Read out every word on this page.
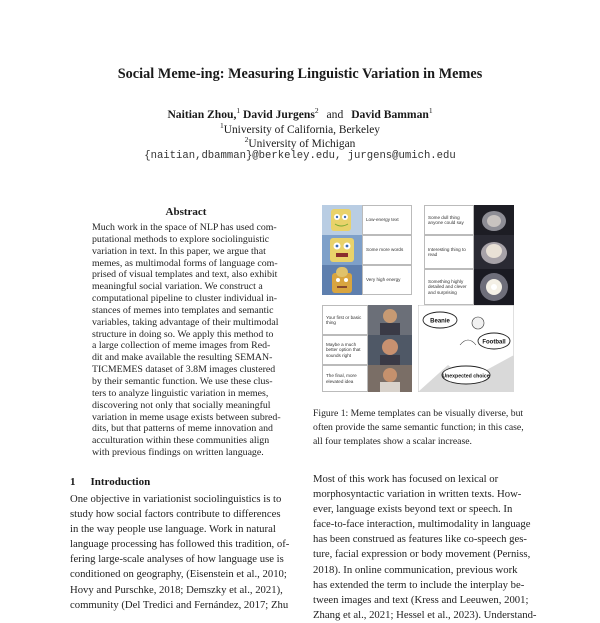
Social Meme-ing: Measuring Linguistic Variation in Memes
Naitian Zhou,$^1$ David Jurgens$^2$ and David Bamman$^1$
$^1$University of California, Berkeley
$^2$University of Michigan
{naitian,dbamman}@berkeley.edu, jurgens@umich.edu
Abstract
Much work in the space of NLP has used com-
putational methods to explore sociolinguistic
variation in text. In this paper, we argue that
memes, as multimodal forms of language com-
prised of visual templates and text, also exhibit
meaningful social variation. We construct a
computational pipeline to cluster individual in-
stances of memes into templates and semantic
variables, taking advantage of their multimodal
structure in doing so. We apply this method to
a large collection of meme images from Red-
dit and make available the resulting SEMAN-
TICMEMES dataset of 3.8M images clustered
by their semantic function. We use these clus-
ters to analyze linguistic variation in memes,
discovering not only that socially meaningful
variation in meme usage exists between subred-
dits, but that patterns of meme innovation and
acculturation within these communities align
with previous findings on written language.
1 Introduction
One objective in variationist sociolinguistics is to
study how social factors contribute to differences
in the way people use language. Work in natural
language processing has followed this tradition, of-
fering large-scale analyses of how language use is
conditioned on geography, (Eisenstein et al., 2010;
Hovy and Purschke, 2018; Demszky et al., 2021),
community (Del Tredici and Fernández, 2017; Zhu
Most of this work has focused on lexical or
morphosyntactic variation in written texts. How-
ever, language exists beyond text or speech. In
face-to-face interaction, multimodality in language
has been construed as features like co-speech ges-
ture, facial expression or body movement (Perniss,
2018). In online communication, previous work
has extended the term to include the interplay be-
tween images and text (Kress and Leeuwen, 2001;
Zhang et al., 2021; Hessel et al., 2023). Understand-
Low-energy text
Some more words
Very high energy
Some dull thing anyone could say
Interesting thing to read
Something highly detailed and clever and surprising
Your first or basic thing
Maybe a much better option that sounds right
The final, more elevated idea
Beanie
Football
Unexpected choice
Figure 1: Meme templates can be visually diverse, but
often provide the same semantic function; in this case,
all four templates show a scalar increase.
